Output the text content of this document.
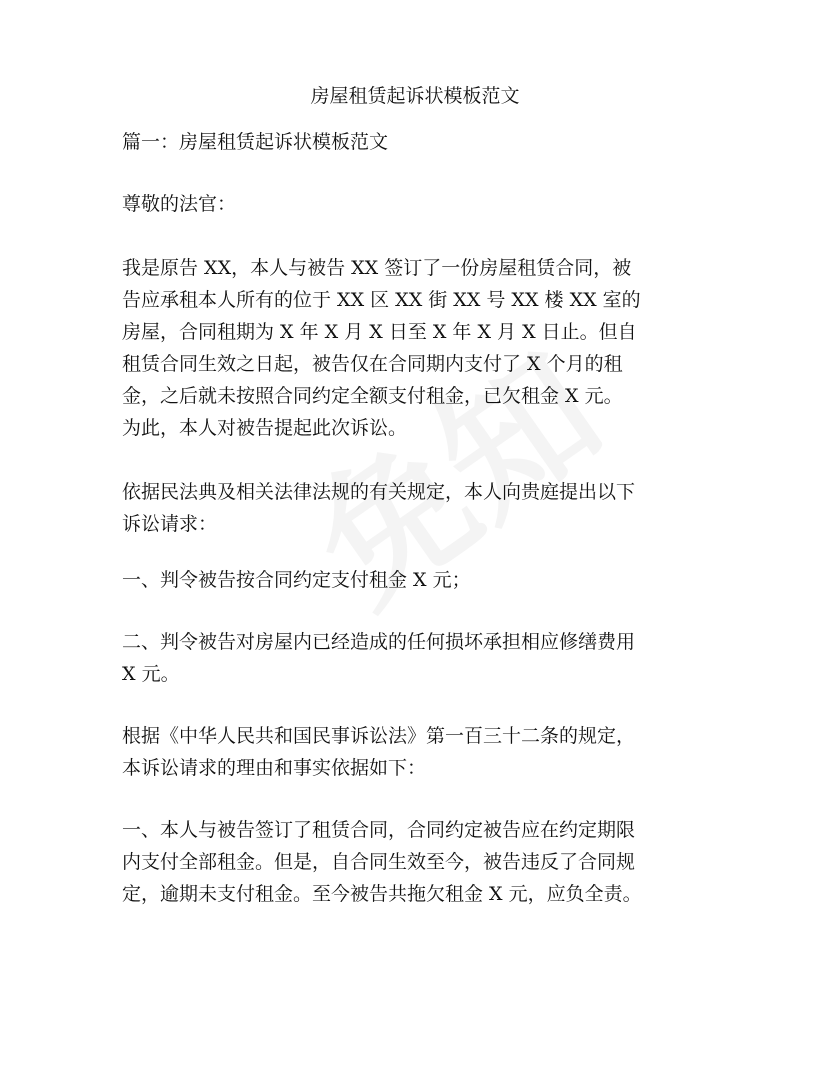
房屋租赁起诉状模板范文
篇一：房屋租赁起诉状模板范文
尊敬的法官：
我是原告 XX，本人与被告 XX 签订了一份房屋租赁合同，被
告应承租本人所有的位于 XX 区 XX 街 XX 号 XX 楼 XX 室的
房屋，合同租期为 X 年 X 月 X 日至 X 年 X 月 X 日止。但自
租赁合同生效之日起，被告仅在合同期内支付了 X 个月的租
金，之后就未按照合同约定全额支付租金，已欠租金 X 元。
为此，本人对被告提起此次诉讼。
依据民法典及相关法律法规的有关规定，本人向贵庭提出以下
诉讼请求：
一、判令被告按合同约定支付租金 X 元；
二、判令被告对房屋内已经造成的任何损坏承担相应修缮费用
X 元。
根据《中华人民共和国民事诉讼法》第一百三十二条的规定，
本诉讼请求的理由和事实依据如下：
一、本人与被告签订了租赁合同，合同约定被告应在约定期限
内支付全部租金。但是，自合同生效至今，被告违反了合同规
定，逾期未支付租金。至今被告共拖欠租金 X 元，应负全责。
